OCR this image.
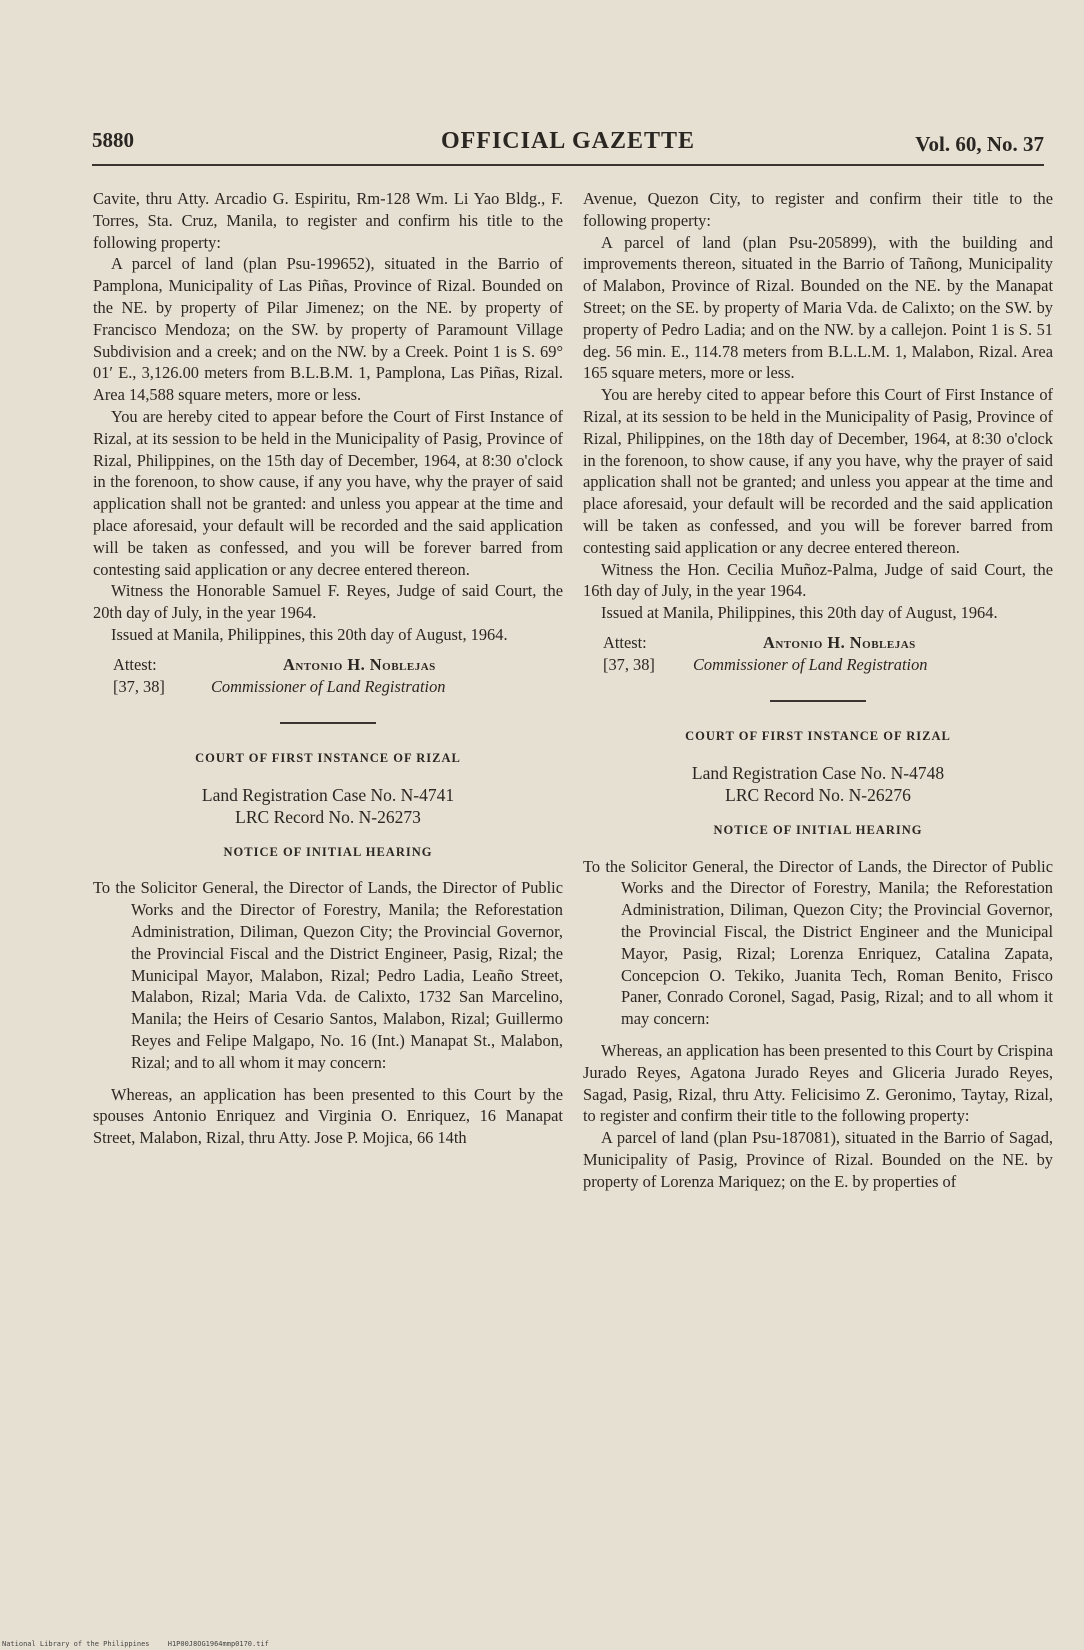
5880	OFFICIAL GAZETTE	Vol. 60, No. 37

Cavite, thru Atty. Arcadio G. Espiritu, Rm-128 Wm. Li Yao Bldg., F. Torres, Sta. Cruz, Manila, to register and confirm his title to the following property:

A parcel of land (plan Psu-199652), situated in the Barrio of Pamplona, Municipality of Las Piñas, Province of Rizal. Bounded on the NE. by property of Pilar Jimenez; on the NE. by property of Francisco Mendoza; on the SW. by property of Paramount Village Subdivision and a creek; and on the NW. by a Creek. Point 1 is S. 69° 01′ E., 3,126.00 meters from B.L.B.M. 1, Pamplona, Las Piñas, Rizal. Area 14,588 square meters, more or less.

You are hereby cited to appear before the Court of First Instance of Rizal, at its session to be held in the Municipality of Pasig, Province of Rizal, Philippines, on the 15th day of December, 1964, at 8:30 o'clock in the forenoon, to show cause, if any you have, why the prayer of said application shall not be granted: and unless you appear at the time and place aforesaid, your default will be recorded and the said application will be taken as confessed, and you will be forever barred from contesting said application or any decree entered thereon.

Witness the Honorable Samuel F. Reyes, Judge of said Court, the 20th day of July, in the year 1964.

Issued at Manila, Philippines, this 20th day of August, 1964.

Attest:
[37, 38]
Antonio H. Noblejas
Commissioner of Land Registration

COURT OF FIRST INSTANCE OF RIZAL

Land Registration Case No. N-4741

LRC Record No. N-26273

NOTICE OF INITIAL HEARING

To the Solicitor General, the Director of Lands, the Director of Public Works and the Director of Forestry, Manila; the Reforestation Administration, Diliman, Quezon City; the Provincial Governor, the Provincial Fiscal and the District Engineer, Pasig, Rizal; the Municipal Mayor, Malabon, Rizal; Pedro Ladia, Leaño Street, Malabon, Rizal; Maria Vda. de Calixto, 1732 San Marcelino, Manila; the Heirs of Cesario Santos, Malabon, Rizal; Guillermo Reyes and Felipe Malgapo, No. 16 (Int.) Manapat St., Malabon, Rizal; and to all whom it may concern:

Whereas, an application has been presented to this Court by the spouses Antonio Enriquez and Virginia O. Enriquez, 16 Manapat Street, Malabon, Rizal, thru Atty. Jose P. Mojica, 66 14th

Avenue, Quezon City, to register and confirm their title to the following property:

A parcel of land (plan Psu-205899), with the building and improvements thereon, situated in the Barrio of Tañong, Municipality of Malabon, Province of Rizal. Bounded on the NE. by the Manapat Street; on the SE. by property of Maria Vda. de Calixto; on the SW. by property of Pedro Ladia; and on the NW. by a callejon. Point 1 is S. 51 deg. 56 min. E., 114.78 meters from B.L.L.M. 1, Malabon, Rizal. Area 165 square meters, more or less.

You are hereby cited to appear before this Court of First Instance of Rizal, at its session to be held in the Municipality of Pasig, Province of Rizal, Philippines, on the 18th day of December, 1964, at 8:30 o'clock in the forenoon, to show cause, if any you have, why the prayer of said application shall not be granted; and unless you appear at the time and place aforesaid, your default will be recorded and the said application will be taken as confessed, and you will be forever barred from contesting said application or any decree entered thereon.

Witness the Hon. Cecilia Muñoz-Palma, Judge of said Court, the 16th day of July, in the year 1964.

Issued at Manila, Philippines, this 20th day of August, 1964.

Attest:
[37, 38]
Antonio H. Noblejas
Commissioner of Land Registration

COURT OF FIRST INSTANCE OF RIZAL

Land Registration Case No. N-4748

LRC Record No. N-26276

NOTICE OF INITIAL HEARING

To the Solicitor General, the Director of Lands, the Director of Public Works and the Director of Forestry, Manila; the Reforestation Administration, Diliman, Quezon City; the Provincial Governor, the Provincial Fiscal, the District Engineer and the Municipal Mayor, Pasig, Rizal; Lorenza Enriquez, Catalina Zapata, Concepcion O. Tekiko, Juanita Tech, Roman Benito, Frisco Paner, Conrado Coronel, Sagad, Pasig, Rizal; and to all whom it may concern:

Whereas, an application has been presented to this Court by Crispina Jurado Reyes, Agatona Jurado Reyes and Gliceria Jurado Reyes, Sagad, Pasig, Rizal, thru Atty. Felicisimo Z. Geronimo, Taytay, Rizal, to register and confirm their title to the following property:

A parcel of land (plan Psu-187081), situated in the Barrio of Sagad, Municipality of Pasig, Province of Rizal. Bounded on the NE. by property of Lorenza Mariquez; on the E. by properties of

National Library of the Philippines	H1P00J8OG1964mmp0170.tif
